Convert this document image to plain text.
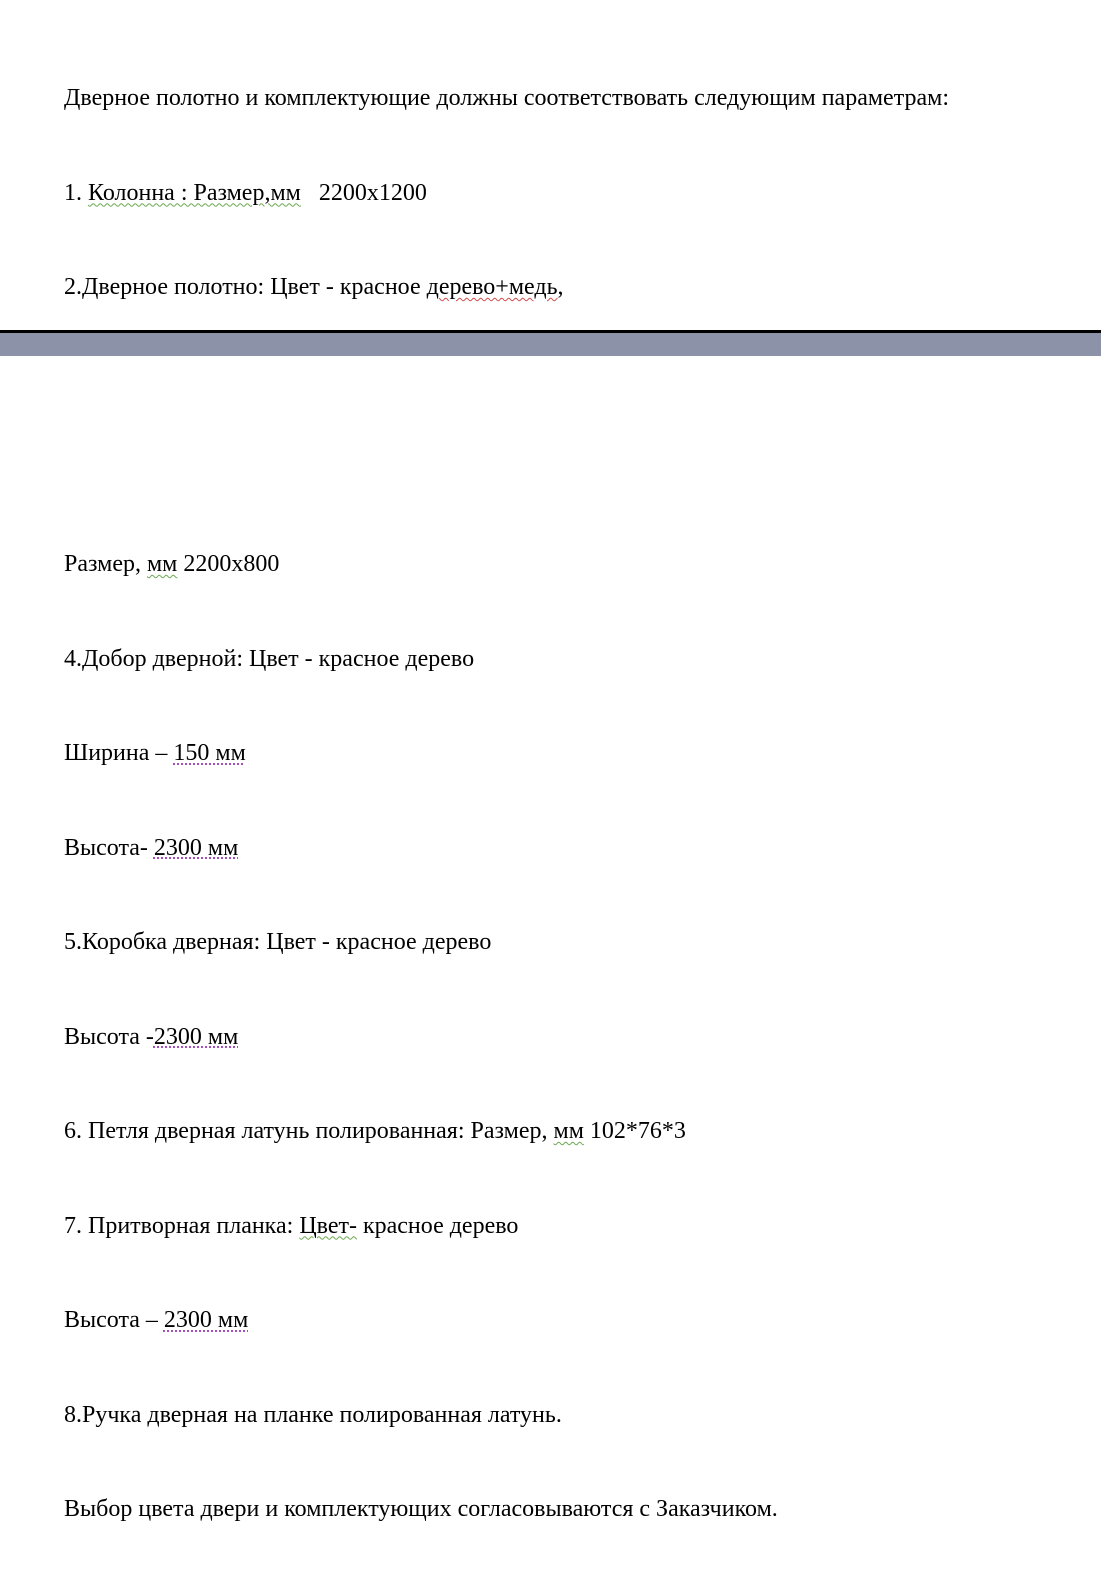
Дверное полотно и комплектующие должны соответствовать следующим параметрам:

1. Колонна : Размер,мм   2200х1200

2.Дверное полотно: Цвет - красное дерево+медь,

Размер, мм 2200х800

4.Добор дверной: Цвет - красное дерево

Ширина – 150 мм

Высота- 2300 мм

5.Коробка дверная: Цвет - красное дерево

Высота -2300 мм

6. Петля дверная латунь полированная: Размер, мм 102*76*3

7. Притворная планка: Цвет- красное дерево

Высота – 2300 мм

8.Ручка дверная на планке полированная латунь.

Выбор цвета двери и комплектующих согласовываются с Заказчиком.
